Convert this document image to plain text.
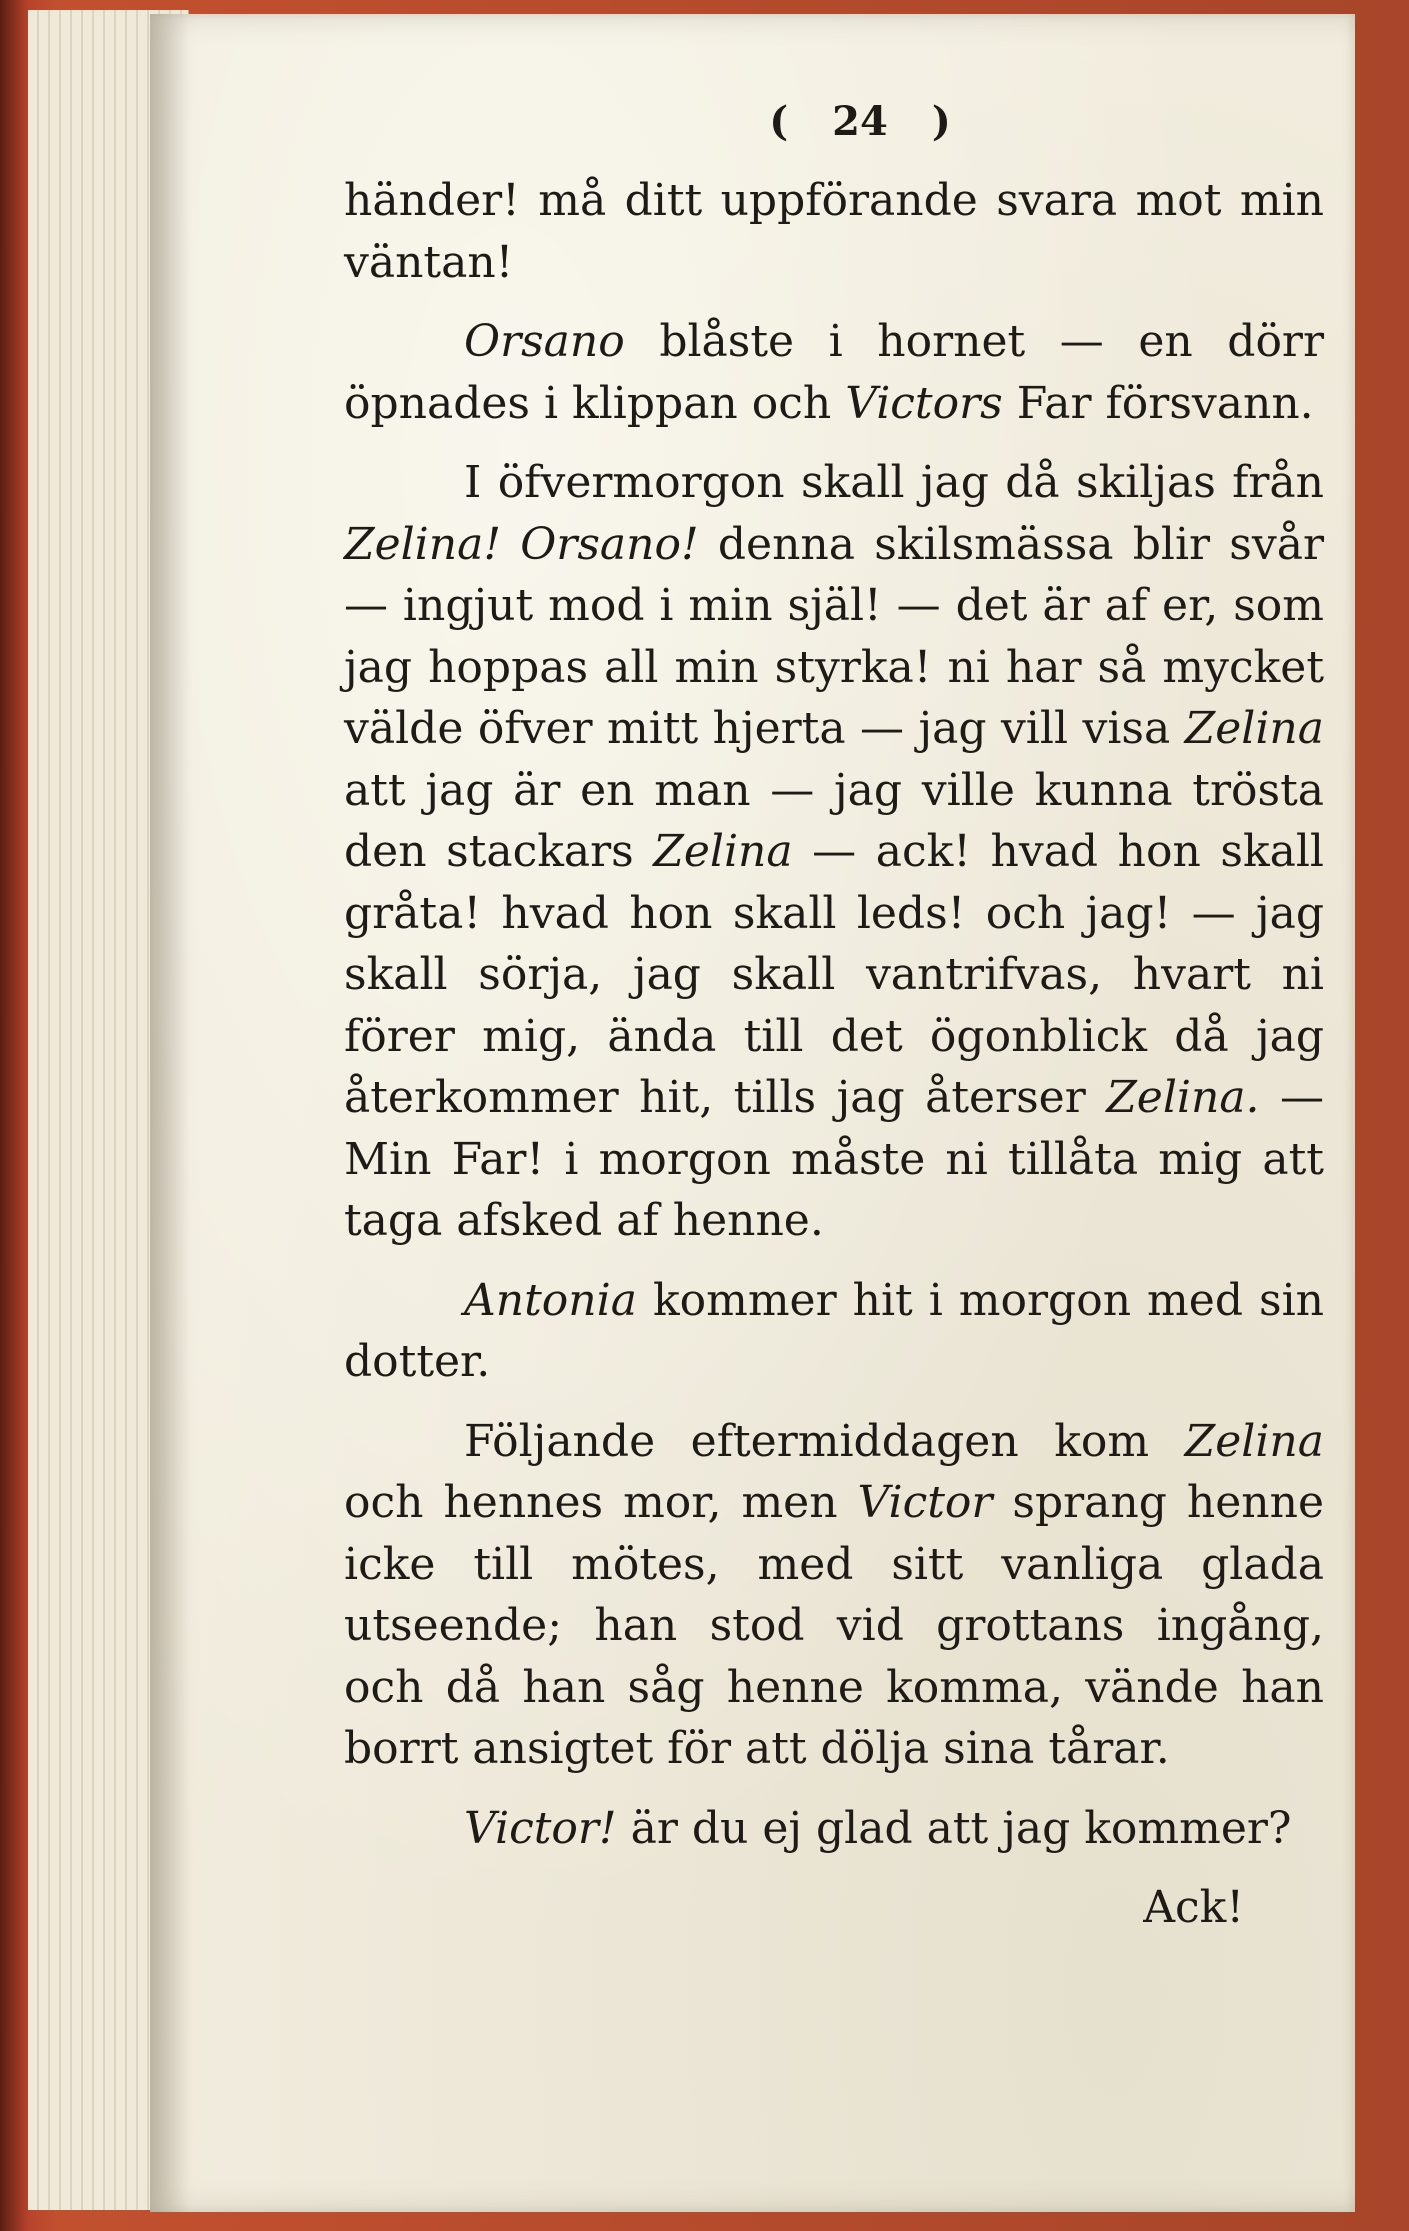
( 24 )

händer! må ditt uppförande svara mot min väntan!

Orsano blåste i hornet — en dörr öpnades i klippan och Victors Far försvann.

I öfvermorgon skall jag då skiljas från Zelina! Orsano! denna skilsmässa blir svår — ingjut mod i min själ! — det är af er, som jag hoppas all min styrka! ni har så mycket välde öfver mitt hjerta — jag vill visa Zelina att jag är en man — jag ville kunna trösta den stackars Zelina — ack! hvad hon skall gråta! hvad hon skall leds! och jag! — jag skall sörja, jag skall vantrifvas, hvart ni förer mig, ända till det ögonblick då jag återkommer hit, tills jag återser Zelina. — Min Far! i morgon måste ni tillåta mig att taga afsked af henne.

Antonia kommer hit i morgon med sin dotter.

Följande eftermiddagen kom Zelina och hennes mor, men Victor sprang henne icke till mötes, med sitt vanliga glada utseende; han stod vid grottans ingång, och då han såg henne komma, vände han borrt ansigtet för att dölja sina tårar.

Victor! är du ej glad att jag kommer?

Ack!
